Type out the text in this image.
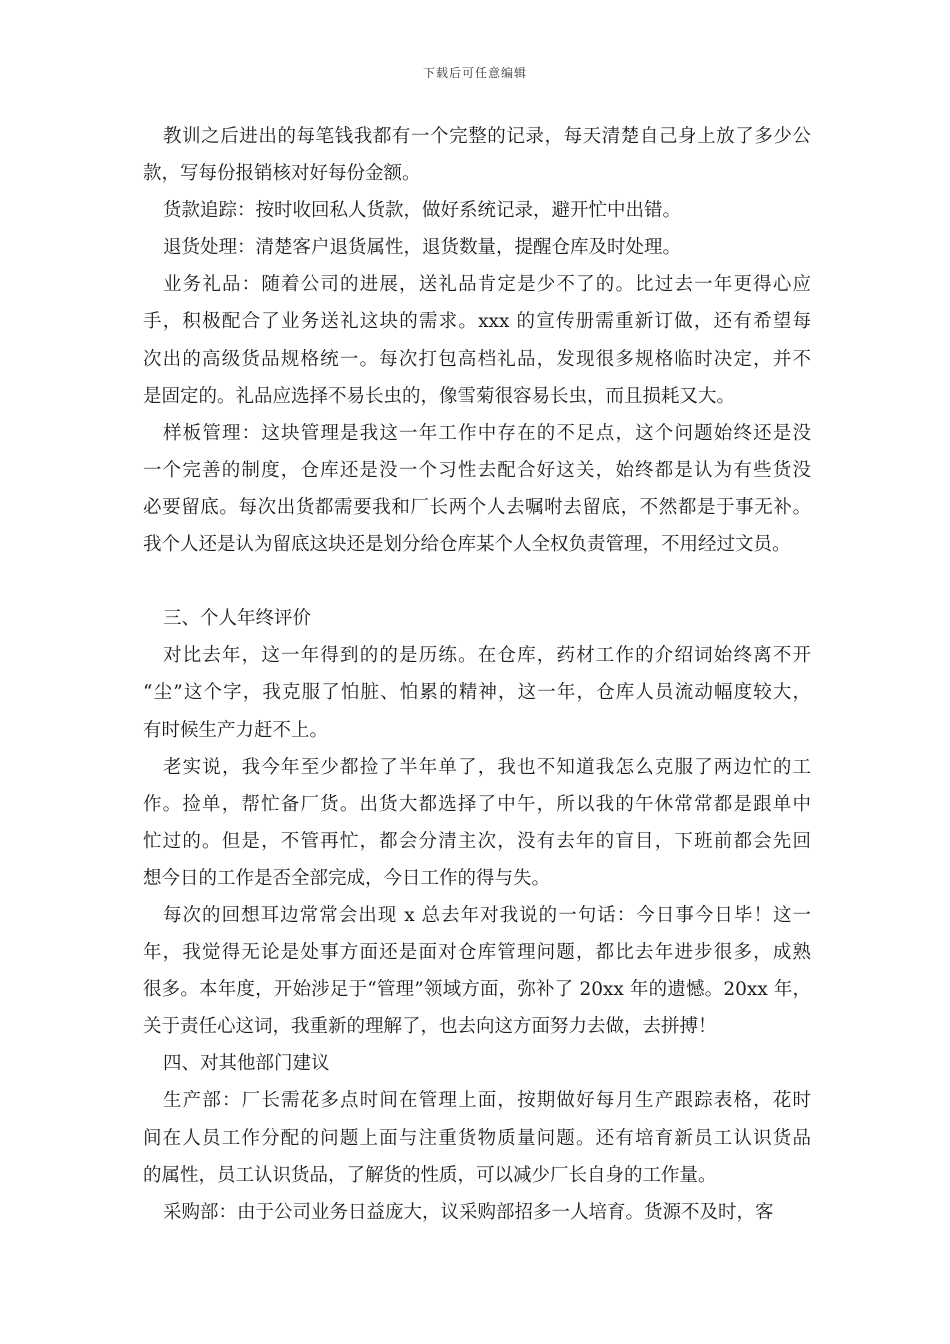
下载后可任意编辑
教训之后进出的每笔钱我都有一个完整的记录，每天清楚自己身上放了多少公
款，写每份报销核对好每份金额。
货款追踪：按时收回私人货款，做好系统记录，避开忙中出错。
退货处理：清楚客户退货属性，退货数量，提醒仓库及时处理。
业务礼品：随着公司的进展，送礼品肯定是少不了的。比过去一年更得心应
手，积极配合了业务送礼这块的需求。xxx 的宣传册需重新订做，还有希望每
次出的高级货品规格统一。每次打包高档礼品，发现很多规格临时决定，并不
是固定的。礼品应选择不易长虫的，像雪菊很容易长虫，而且损耗又大。
样板管理：这块管理是我这一年工作中存在的不足点，这个问题始终还是没
一个完善的制度，仓库还是没一个习性去配合好这关，始终都是认为有些货没
必要留底。每次出货都需要我和厂长两个人去嘱咐去留底，不然都是于事无补。
我个人还是认为留底这块还是划分给仓库某个人全权负责管理，不用经过文员。
三、个人年终评价
对比去年，这一年得到的的是历练。在仓库，药材工作的介绍词始终离不开
“尘”这个字，我克服了怕脏、怕累的精神，这一年，仓库人员流动幅度较大，
有时候生产力赶不上。
老实说，我今年至少都捡了半年单了，我也不知道我怎么克服了两边忙的工
作。捡单，帮忙备厂货。出货大都选择了中午，所以我的午休常常都是跟单中
忙过的。但是，不管再忙，都会分清主次，没有去年的盲目，下班前都会先回
想今日的工作是否全部完成，今日工作的得与失。
每次的回想耳边常常会出现 x 总去年对我说的一句话：今日事今日毕！这一
年，我觉得无论是处事方面还是面对仓库管理问题，都比去年进步很多，成熟
很多。本年度，开始涉足于“管理”领域方面，弥补了 20xx 年的遗憾。20xx 年，
关于责任心这词，我重新的理解了，也去向这方面努力去做，去拼搏！
四、对其他部门建议
生产部：厂长需花多点时间在管理上面，按期做好每月生产跟踪表格，花时
间在人员工作分配的问题上面与注重货物质量问题。还有培育新员工认识货品
的属性，员工认识货品，了解货的性质，可以减少厂长自身的工作量。
采购部：由于公司业务日益庞大，议采购部招多一人培育。货源不及时，客
